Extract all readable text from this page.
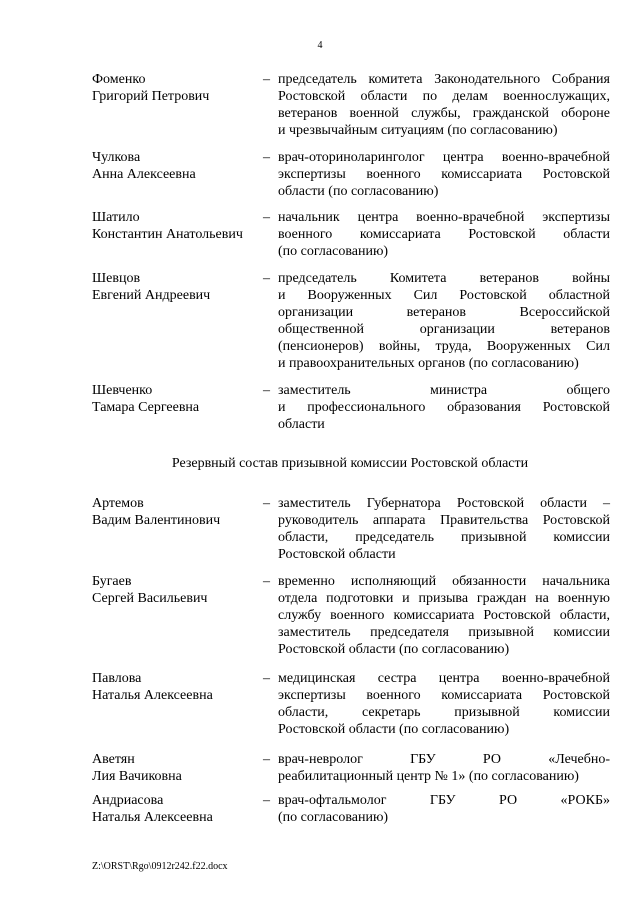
4
Фоменко
Григорий Петрович
– председатель комитета Законодательного Собрания
Ростовской области по делам военнослужащих,
ветеранов военной службы, гражданской обороне
и чрезвычайным ситуациям (по согласованию)
Чулкова
Анна Алексеевна
– врач-оториноларинголог центра военно-врачебной
экспертизы военного комиссариата Ростовской
области (по согласованию)
Шатило
Константин Анатольевич
– начальник центра военно-врачебной экспертизы
военного комиссариата Ростовской области
(по согласованию)
Шевцов
Евгений Андреевич
– председатель Комитета ветеранов войны
и Вооруженных Сил Ростовской областной
организации ветеранов Всероссийской
общественной организации ветеранов
(пенсионеров) войны, труда, Вооруженных Сил
и правоохранительных органов (по согласованию)
Шевченко
Тамара Сергеевна
– заместитель министра общего
и профессионального образования Ростовской
области
Резервный состав призывной комиссии Ростовской области
Артемов
Вадим Валентинович
– заместитель Губернатора Ростовской области –
руководитель аппарата Правительства Ростовской
области, председатель призывной комиссии
Ростовской области
Бугаев
Сергей Васильевич
– временно исполняющий обязанности начальника
отдела подготовки и призыва граждан на военную
службу военного комиссариата Ростовской области,
заместитель председателя призывной комиссии
Ростовской области (по согласованию)
Павлова
Наталья Алексеевна
– медицинская сестра центра военно-врачебной
экспертизы военного комиссариата Ростовской
области, секретарь призывной комиссии
Ростовской области (по согласованию)
Аветян
Лия Вачиковна
– врач-невролог ГБУ РО «Лечебно-
реабилитационный центр № 1» (по согласованию)
Андриасова
Наталья Алексеевна
– врач-офтальмолог ГБУ РО «РОКБ»
(по согласованию)
Z:\ORST\Rgo\0912r242.f22.docx
